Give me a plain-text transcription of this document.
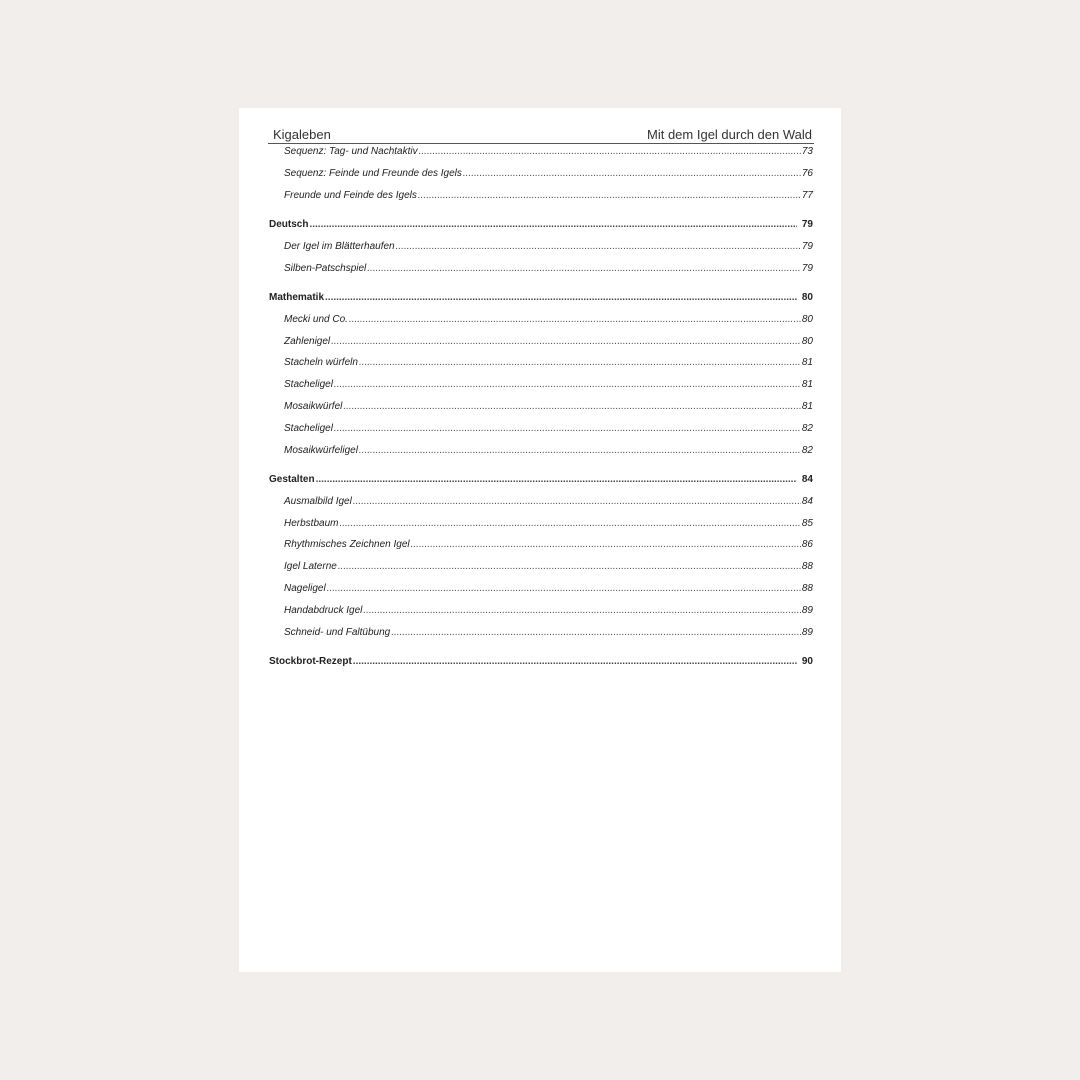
Kigaleben	Mit dem Igel durch den Wald
Sequenz: Tag- und Nachtaktiv .....	73
Sequenz: Feinde und Freunde des Igels .....	76
Freunde und Feinde des Igels .....	77
Deutsch .....	79
Der Igel im Blätterhaufen .....	79
Silben-Patschspiel .....	79
Mathematik .....	80
Mecki und Co. .....	80
Zahlenigel .....	80
Stacheln würfeln .....	81
Stacheligel .....	81
Mosaikwürfel .....	81
Stacheligel .....	82
Mosaikwürfeligel .....	82
Gestalten .....	84
Ausmalbild Igel .....	84
Herbstbaum .....	85
Rhythmisches Zeichnen Igel .....	86
Igel Laterne .....	88
Nageligel .....	88
Handabdruck Igel .....	89
Schneid- und Faltübung .....	89
Stockbrot-Rezept .....	90
